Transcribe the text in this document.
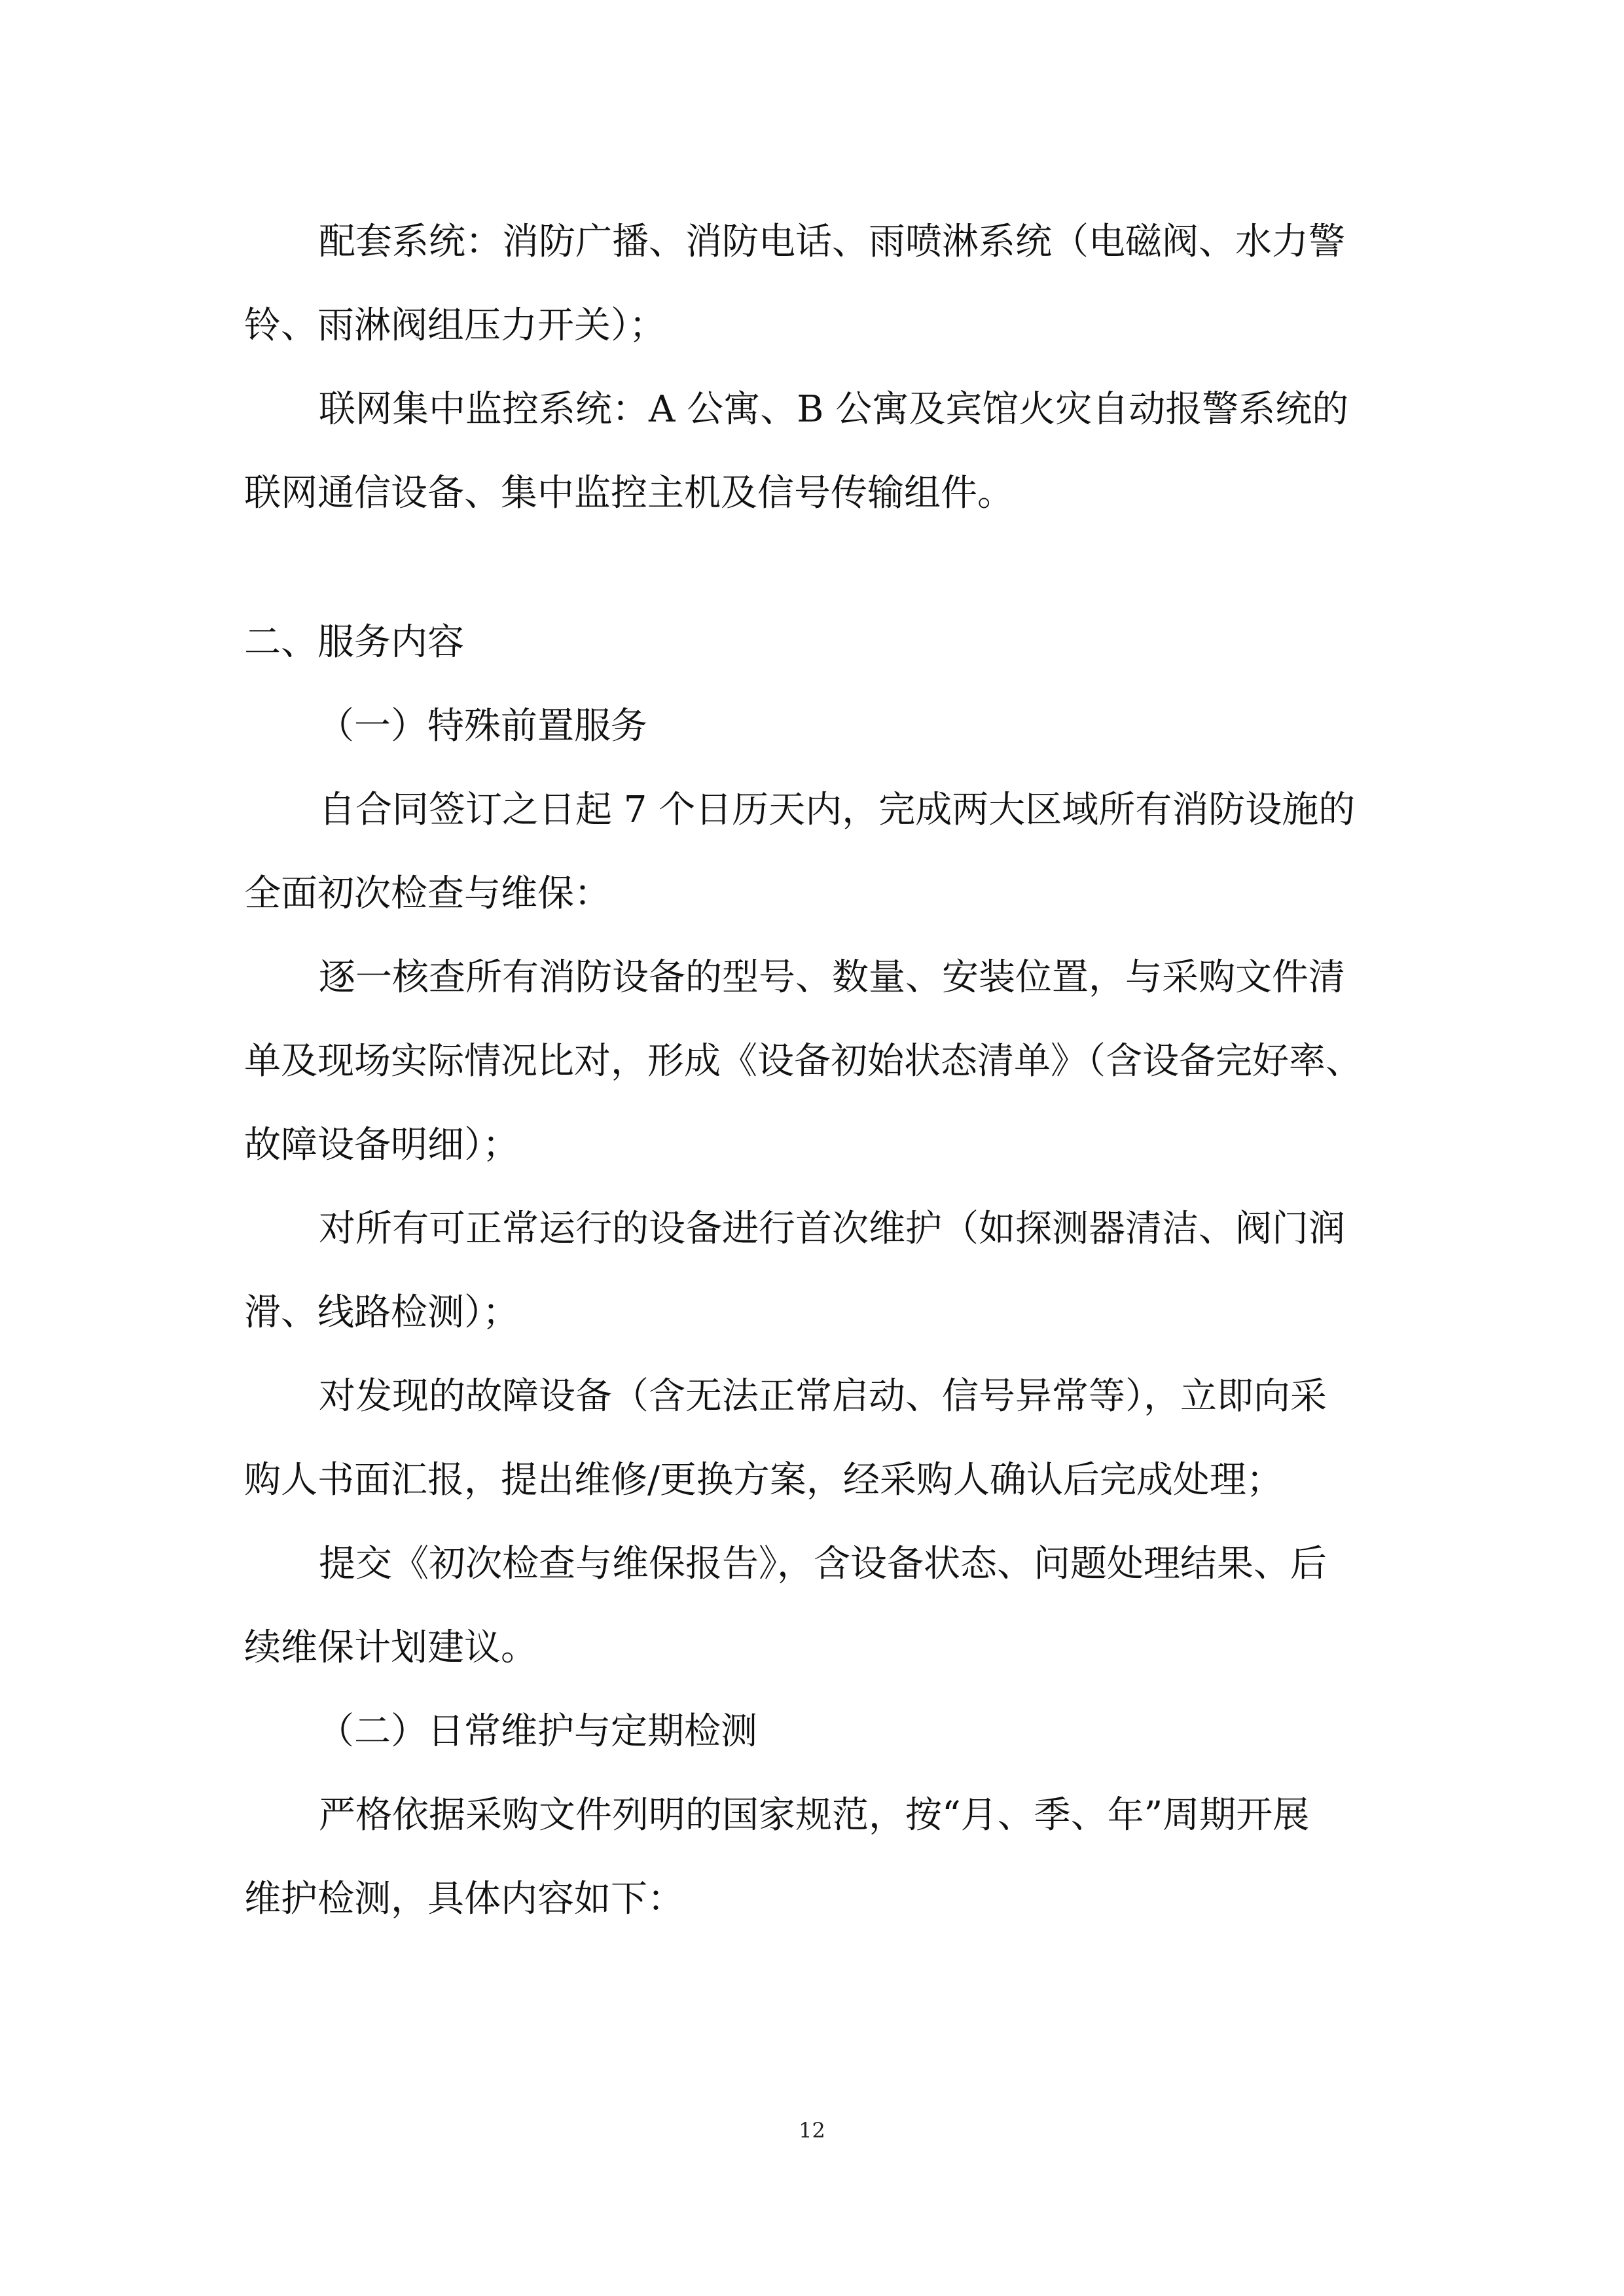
配套系统：消防广播、消防电话、雨喷淋系统（电磁阀、水力警
铃、雨淋阀组压力开关）；
联网集中监控系统：A 公寓、B 公寓及宾馆火灾自动报警系统的
联网通信设备、集中监控主机及信号传输组件。
二、服务内容
（一）特殊前置服务
自合同签订之日起 7 个日历天内，完成两大区域所有消防设施的
全面初次检查与维保：
逐一核查所有消防设备的型号、数量、安装位置，与采购文件清
单及现场实际情况比对，形成《设备初始状态清单》（含设备完好率、
故障设备明细）；
对所有可正常运行的设备进行首次维护（如探测器清洁、阀门润
滑、线路检测）；
对发现的故障设备（含无法正常启动、信号异常等），立即向采
购人书面汇报，提出维修/更换方案，经采购人确认后完成处理；
提交《初次检查与维保报告》，含设备状态、问题处理结果、后
续维保计划建议。
（二）日常维护与定期检测
严格依据采购文件列明的国家规范，按“月、季、年”周期开展
维护检测，具体内容如下：
12
